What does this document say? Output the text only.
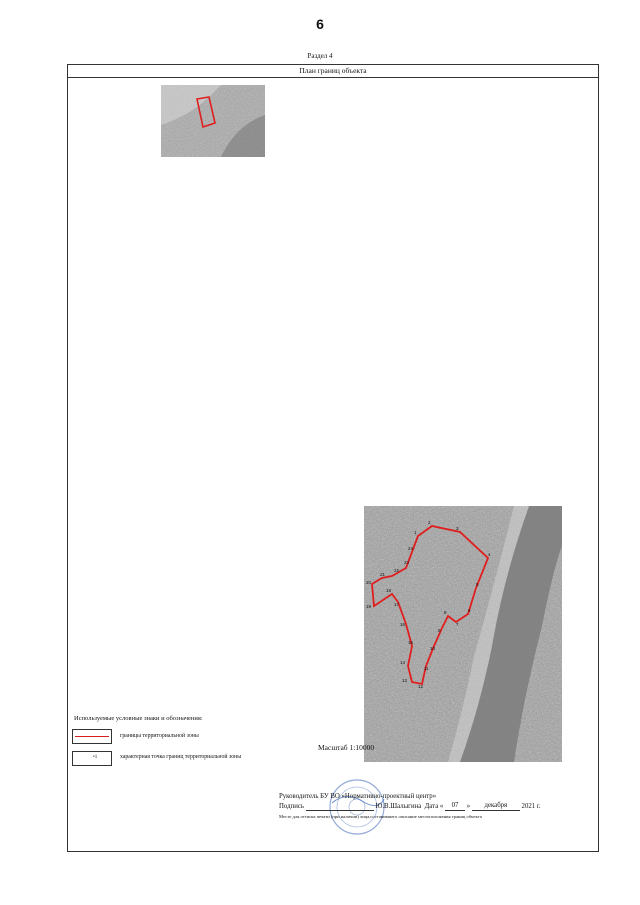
6
Раздел 4
План границ объекта
1
2
3
4
5
6
7
8
9
10
11
12
13
14
15
16
17
18
19
20
21
22
23
24
Используемые условные знаки и обозначения:
границы территориальной зоны
•1	характерная точка границ территориальной зоны
Масштаб 1:10000
Руководитель БУ ВО «Нормативно-проектный центр»
Подпись	Ю.В.Шалыгина Дата « 07 » декабря 2021 г.
Место для оттиска печати (при наличии) лица,составившего описание местоположения границ объекта
